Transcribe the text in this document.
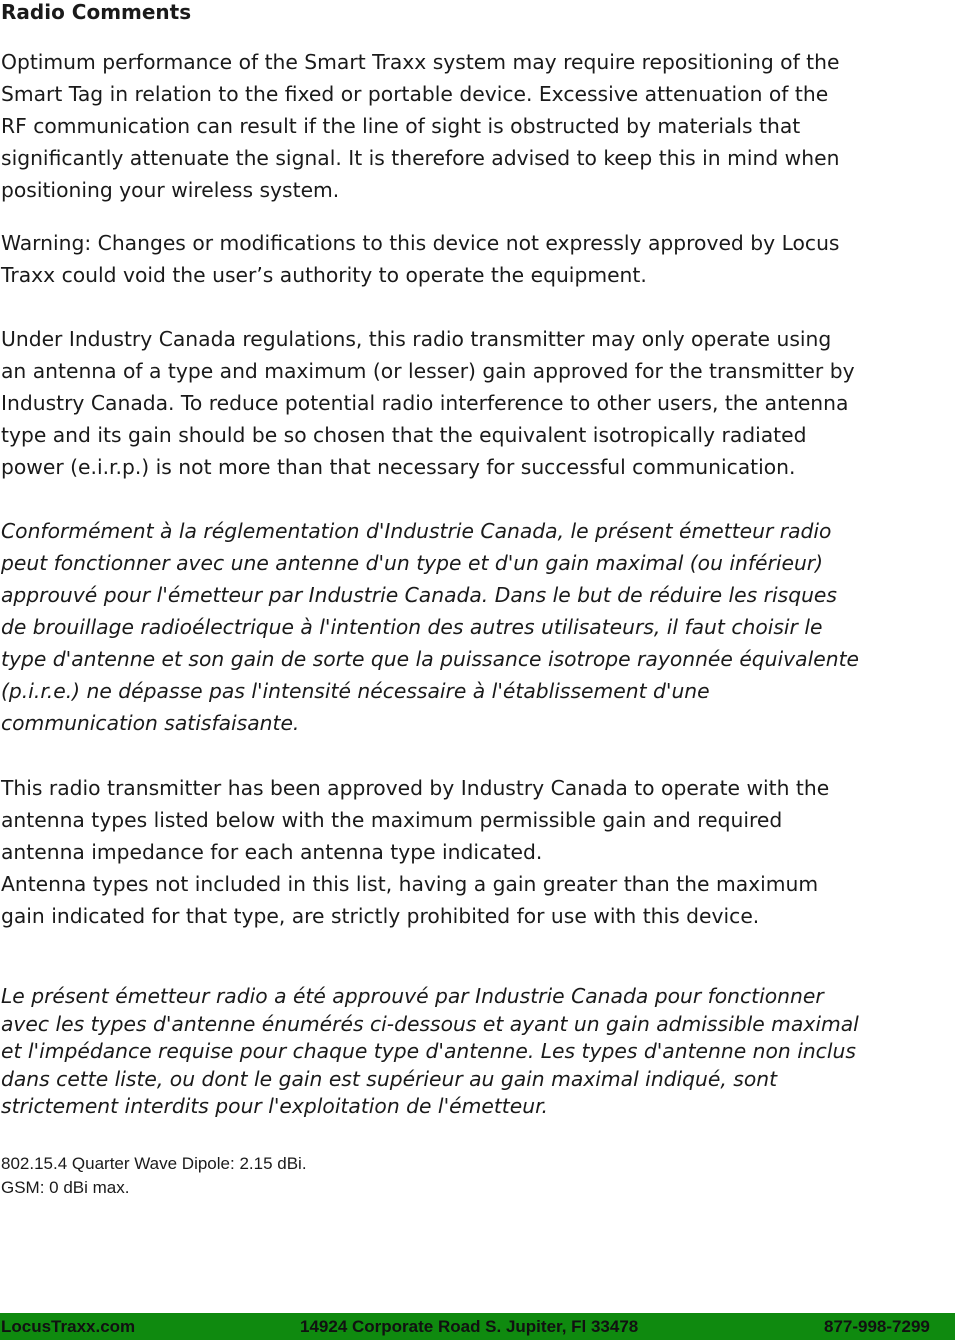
Radio Comments

Optimum performance of the Smart Traxx system may require repositioning of the
Smart Tag in relation to the fixed or portable device. Excessive attenuation of the
RF communication can result if the line of sight is obstructed by materials that
significantly attenuate the signal. It is therefore advised to keep this in mind when
positioning your wireless system.

Warning: Changes or modifications to this device not expressly approved by Locus
Traxx could void the user’s authority to operate the equipment.

Under Industry Canada regulations, this radio transmitter may only operate using
an antenna of a type and maximum (or lesser) gain approved for the transmitter by
Industry Canada. To reduce potential radio interference to other users, the antenna
type and its gain should be so chosen that the equivalent isotropically radiated
power (e.i.r.p.) is not more than that necessary for successful communication.

Conformément à la réglementation d'Industrie Canada, le présent émetteur radio
peut fonctionner avec une antenne d'un type et d'un gain maximal (ou inférieur)
approuvé pour l'émetteur par Industrie Canada. Dans le but de réduire les risques
de brouillage radioélectrique à l'intention des autres utilisateurs, il faut choisir le
type d'antenne et son gain de sorte que la puissance isotrope rayonnée équivalente
(p.i.r.e.) ne dépasse pas l'intensité nécessaire à l'établissement d'une
communication satisfaisante.

This radio transmitter has been approved by Industry Canada to operate with the
antenna types listed below with the maximum permissible gain and required
antenna impedance for each antenna type indicated.
Antenna types not included in this list, having a gain greater than the maximum
gain indicated for that type, are strictly prohibited for use with this device.

Le présent émetteur radio a été approuvé par Industrie Canada pour fonctionner
avec les types d'antenne énumérés ci-dessous et ayant un gain admissible maximal
et l'impédance requise pour chaque type d'antenne. Les types d'antenne non inclus
dans cette liste, ou dont le gain est supérieur au gain maximal indiqué, sont
strictement interdits pour l'exploitation de l'émetteur.

802.15.4 Quarter Wave Dipole: 2.15 dBi.
GSM: 0 dBi max.
LocusTraxx.com	14924 Corporate Road S. Jupiter, Fl 33478	877-998-7299
